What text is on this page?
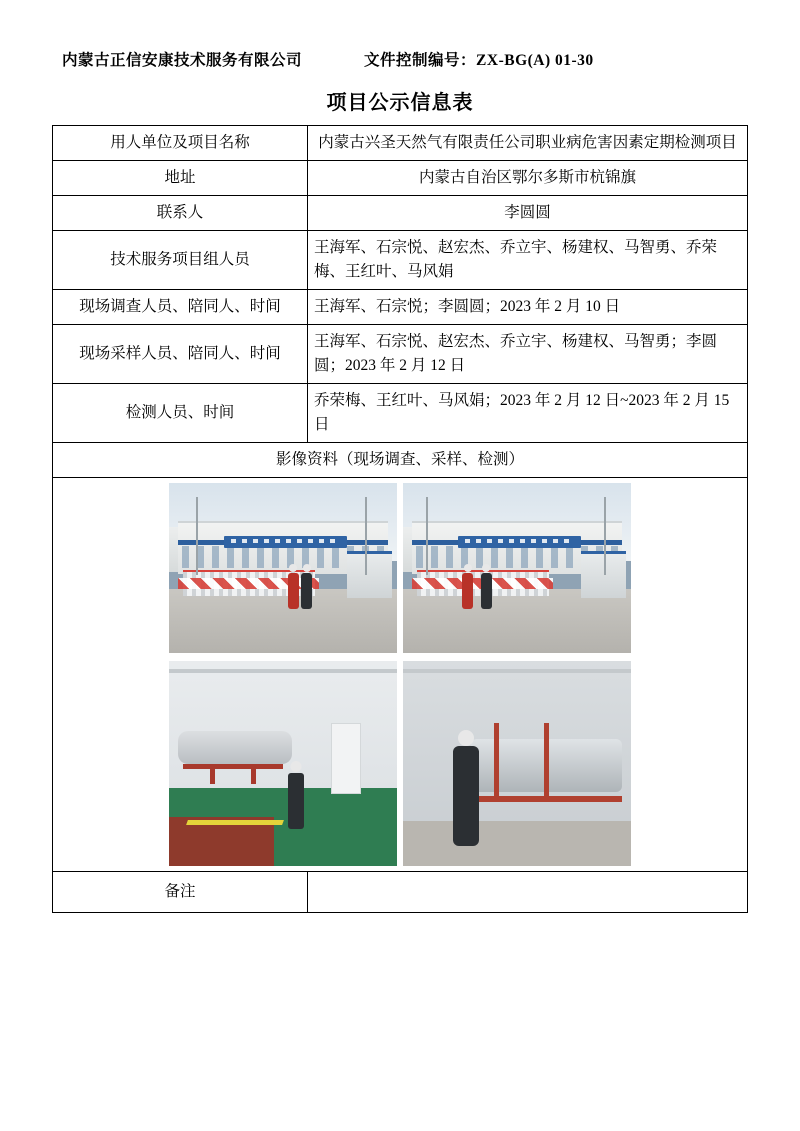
内蒙古正信安康技术服务有限公司	文件控制编号：ZX-BG(A) 01-30
项目公示信息表
用人单位及项目名称	内蒙古兴圣天然气有限责任公司职业病危害因素定期检测项目
地址	内蒙古自治区鄂尔多斯市杭锦旗
联系人	李圆圆
技术服务项目组人员	王海军、石宗悦、赵宏杰、乔立宇、杨建权、马智勇、乔荣梅、王红叶、马风娟
现场调查人员、陪同人、时间	王海军、石宗悦；李圆圆；2023 年 2 月 10 日
现场采样人员、陪同人、时间	王海军、石宗悦、赵宏杰、乔立宇、杨建权、马智勇；李圆圆；2023 年 2 月 12 日
检测人员、时间	乔荣梅、王红叶、马风娟；2023 年 2 月 12 日~2023 年 2 月 15 日
影像资料（现场调查、采样、检测）	

备注	
